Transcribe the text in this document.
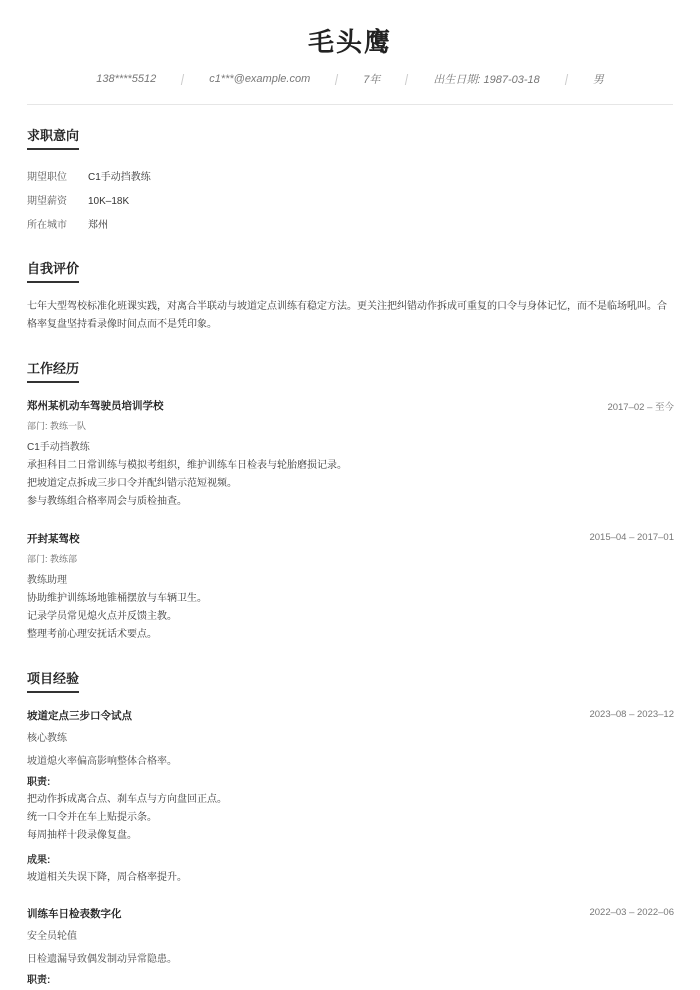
毛头鹰
138****5512	c1***@example.com	7年	出生日期: 1987-03-18	男
求职意向
期望职位 C1手动挡教练
期望薪资 10K–18K
所在城市 郑州
自我评价
七年大型驾校标准化班课实践，对离合半联动与坡道定点训练有稳定方法。更关注把纠错动作拆成可重复的口令与身体记忆，而不是临场吼叫。合格率复盘坚持看录像时间点而不是凭印象。
工作经历
郑州某机动车驾驶员培训学校	2017–02 – 至今
部门: 教练一队
C1手动挡教练
承担科目二日常训练与模拟考组织，维护训练车日检表与轮胎磨损记录。
把坡道定点拆成三步口令并配纠错示范短视频。
参与教练组合格率周会与质检抽查。
开封某驾校	2015–04 – 2017–01
部门: 教练部
教练助理
协助维护训练场地锥桶摆放与车辆卫生。
记录学员常见熄火点并反馈主教。
整理考前心理安抚话术要点。
项目经验
坡道定点三步口令试点	2023–08 – 2023–12
核心教练
坡道熄火率偏高影响整体合格率。
职责:
把动作拆成离合点、刹车点与方向盘回正点。
统一口令并在车上贴提示条。
每周抽样十段录像复盘。
成果:
坡道相关失误下降，周合格率提升。
训练车日检表数字化	2022–03 – 2022–06
安全员轮值
日检遗漏导致偶发制动异常隐患。
职责:
